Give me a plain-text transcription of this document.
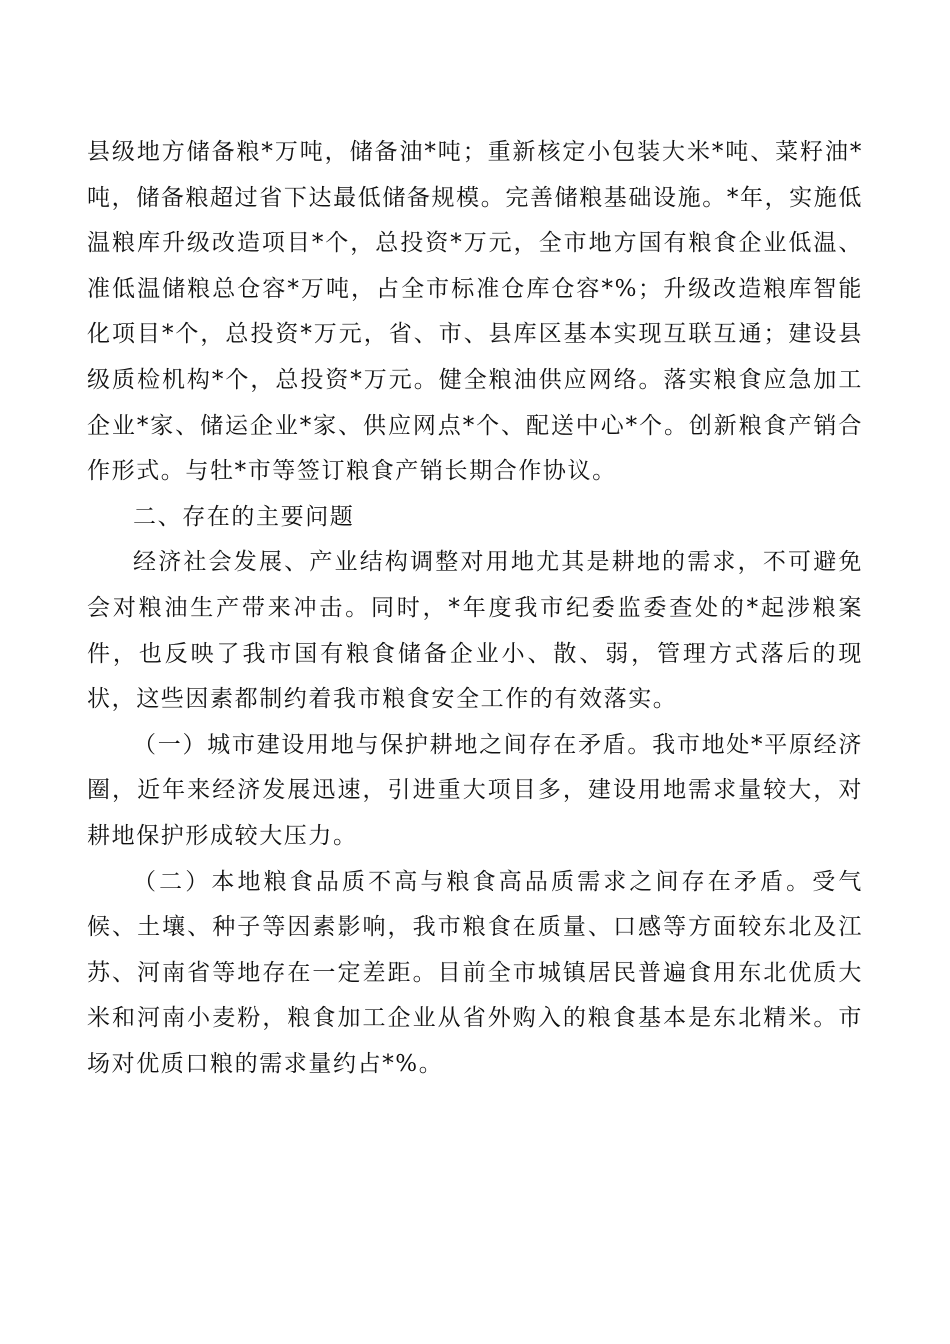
县级地方储备粮*万吨，储备油*吨；重新核定小包装大米*吨、菜籽油*吨，储备粮超过省下达最低储备规模。完善储粮基础设施。*年，实施低温粮库升级改造项目*个，总投资*万元，全市地方国有粮食企业低温、准低温储粮总仓容*万吨，占全市标准仓库仓容*%；升级改造粮库智能化项目*个，总投资*万元，省、市、县库区基本实现互联互通；建设县级质检机构*个，总投资*万元。健全粮油供应网络。落实粮食应急加工企业*家、储运企业*家、供应网点*个、配送中心*个。创新粮食产销合作形式。与牡*市等签订粮食产销长期合作协议。

二、存在的主要问题

经济社会发展、产业结构调整对用地尤其是耕地的需求，不可避免会对粮油生产带来冲击。同时，*年度我市纪委监委查处的*起涉粮案件，也反映了我市国有粮食储备企业小、散、弱，管理方式落后的现状，这些因素都制约着我市粮食安全工作的有效落实。

（一）城市建设用地与保护耕地之间存在矛盾。我市地处*平原经济圈，近年来经济发展迅速，引进重大项目多，建设用地需求量较大，对耕地保护形成较大压力。

（二）本地粮食品质不高与粮食高品质需求之间存在矛盾。受气候、土壤、种子等因素影响，我市粮食在质量、口感等方面较东北及江苏、河南省等地存在一定差距。目前全市城镇居民普遍食用东北优质大米和河南小麦粉，粮食加工企业从省外购入的粮食基本是东北精米。市场对优质口粮的需求量约占*%。
